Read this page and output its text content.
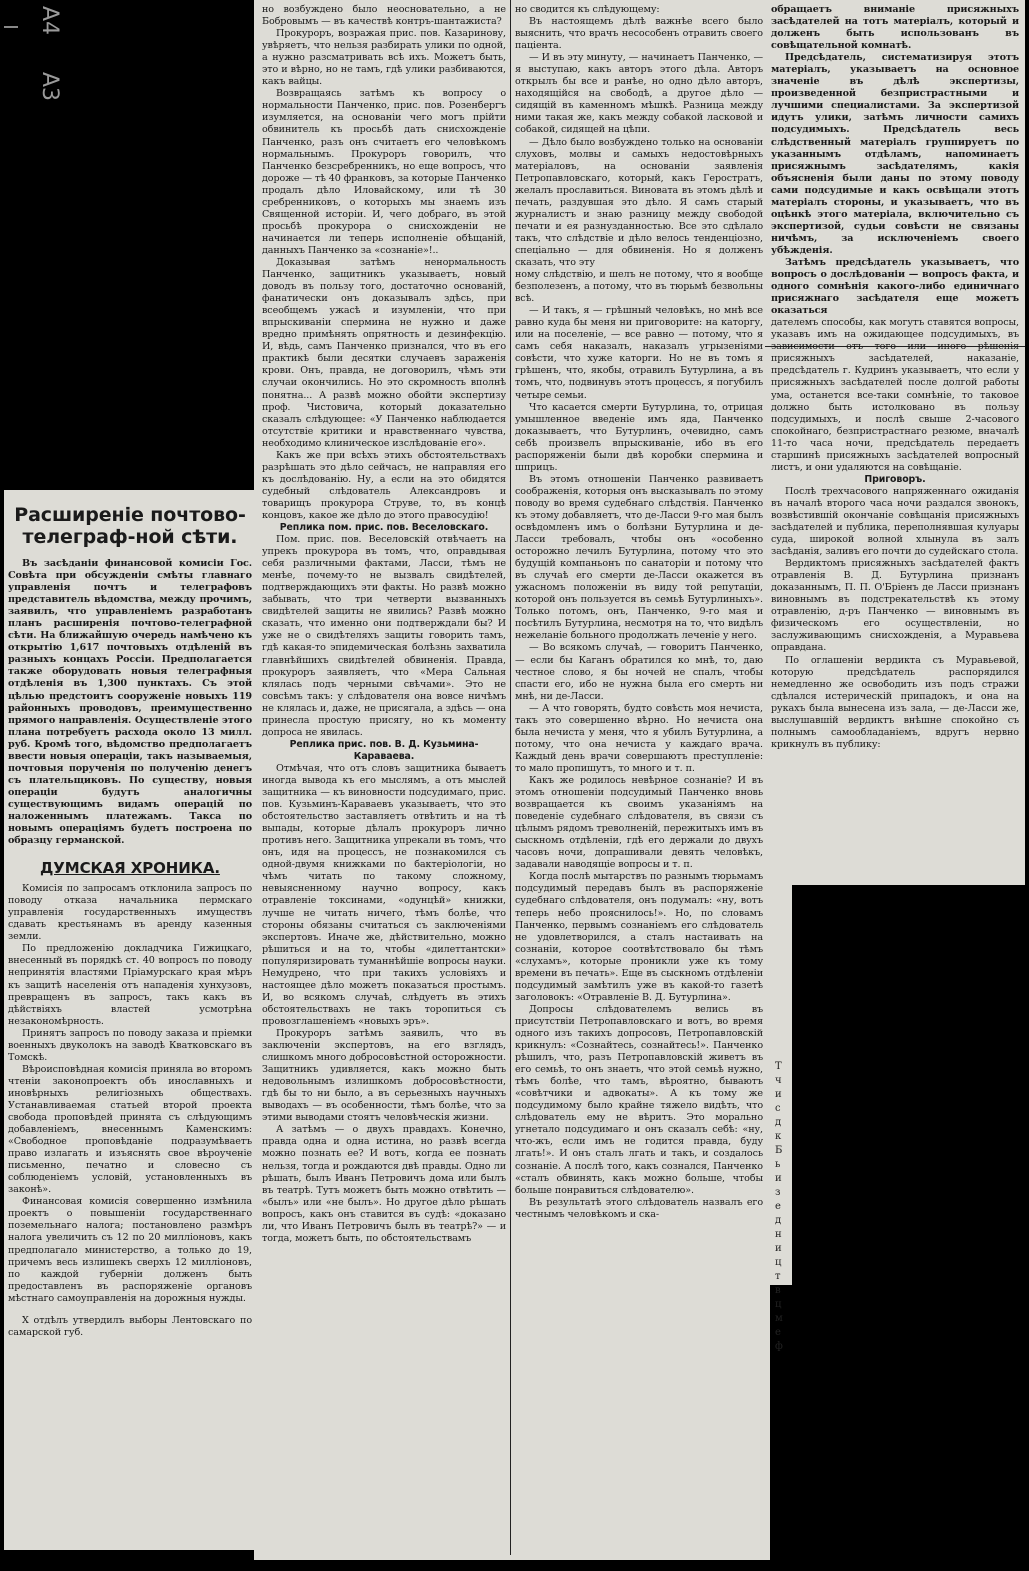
A4
A3
Расширеніе почтово-телеграф-ной сѣти.

Въ засѣданіи финансовой комисіи Гос. Совѣта при обсужденіи смѣты главнаго управленія почтъ и телеграфовъ представитель вѣдомства, между прочимъ, заявилъ, что управленіемъ разработанъ планъ расширенія почтово-телеграфной сѣти. На ближайшую очередь намѣчено къ открытію 1,617 почтовыхъ отдѣленій въ разныхъ концахъ Россіи. Предполагается также оборудовать новыя телеграфныя отдѣленія въ 1,300 пунктахъ. Съ этой цѣлью предстоитъ сооруженіе новыхъ 119 районныхъ проводовъ, преимущественно прямого направленія. Осуществленіе этого плана потребуетъ расхода около 13 милл. руб. Кромѣ того, вѣдомство предполагаетъ ввести новыя операціи, такъ называемыя, почтовыя порученія по полученію денегъ съ плательщиковъ. По существу, новыя операціи будутъ аналогичны существующимъ видамъ операцій по наложеннымъ платежамъ. Такса по новымъ операціямъ будетъ построена по образцу германской.

ДУМСКАЯ ХРОНИКА.

Комисія по запросамъ отклонила запросъ по поводу отказа начальника пермскаго управленія государственныхъ имуществъ сдавать крестьянамъ въ аренду казенныя земли.

По предложенію докладчика Гижицкаго, внесенный въ порядкѣ ст. 40 вопросъ по поводу непринятія властями Пріамурскаго края мѣръ къ защитѣ населенія отъ нападенія хунхузовъ, превращенъ въ запросъ, такъ какъ въ дѣйствіяхъ властей усмотрѣна незакономѣрность.

Принятъ запросъ по поводу заказа и пріемки военныхъ двуколокъ на заводѣ Кватковскаго въ Томскѣ.

Вѣроисповѣдная комисія приняла во второмъ чтеніи законопроектъ объ инославныхъ и иновѣрныхъ религіозныхъ обществахъ. Устанавливаемая статьей второй проекта свобода проповѣдей принята съ слѣдующимъ добавленіемъ, внесеннымъ Каменскимъ: «Свободное проповѣданіе подразумѣваетъ право излагать и изъяснять свое вѣроученіе письменно, печатно и словесно съ соблюденіемъ условій, установленныхъ въ законѣ».

Финансовая комисія совершенно измѣнила проектъ о повышеніи государственнаго поземельнаго налога; постановлено размѣръ налога увеличить съ 12 по 20 милліоновъ, какъ предполагало министерство, а только до 19, причемъ весь излишекъ сверхъ 12 милліоновъ, по каждой губерніи долженъ быть предоставленъ въ распоряженіе органовъ мѣстнаго самоуправленія на дорожныя нужды.

X отдѣлъ утвердилъ выборы Лентовскаго по самарской губ.

но возбуждено было неосновательно, а не Бобровымъ — въ качествѣ контръ-шантажиста?

Прокуроръ, возражая прис. пов. Казаринову, увѣряетъ, что нельзя разбирать улики по одной, а нужно разсматривать всѣ ихъ. Можетъ быть, это и вѣрно, но не тамъ, гдѣ улики разбиваются, какъ вайцы.

Возвращаясь затѣмъ къ вопросу о нормальности Панченко, прис. пов. Розенбергъ изумляется, на основаніи чего могъ прійти обвинитель къ просьбѣ дать снисхожденіе Панченко, разъ онъ считаетъ его человѣкомъ нормальнымъ. Прокуроръ говорилъ, что Панченко безсребренникъ, но еще вопросъ, что дороже — тѣ 40 франковъ, за которые Панченко продалъ дѣло Иловайскому, или тѣ 30 сребренниковъ, о которыхъ мы знаемъ изъ Священной исторіи. И, чего добраго, въ этой просьбѣ прокурора о снисхожденіи не начинается ли теперь исполненіе обѣщаній, данныхъ Панченко за «сознаніе»!..

Доказывая затѣмъ ненормальность Панченко, защитникъ указываетъ, новый доводъ въ пользу того, достаточно основаній, фанатически онъ доказывалъ здѣсь, при всеобщемъ ужасѣ и изумленіи, что при впрыскиваніи спермина не нужно и даже вредно примѣнять опрятность и дезинфекцію. И, вѣдь, самъ Панченко признался, что въ его практикѣ были десятки случаевъ зараженія крови. Онъ, правда, не договорилъ, чѣмъ эти случаи окончились. Но это скромность вполнѣ понятна... А развѣ можно обойти экспертизу проф. Чистовича, который доказательно сказалъ слѣдующее: «У Панченко наблюдается отсутствіе критики и нравственнаго чувства, необходимо клиническое изслѣдованіе его».

Какъ же при всѣхъ этихъ обстоятельствахъ разрѣшать это дѣло сейчасъ, не направляя его къ дослѣдованію. Ну, а если на это обидятся судебный слѣдователь Александровъ и товарищъ прокурора Струве, то, въ концѣ концовъ, какое же дѣло до этого правосудію!

Реплика пом. прис. пов. Веселовскаго.

Пом. прис. пов. Веселовскій отвѣчаетъ на упрекъ прокурора въ томъ, что, оправдывая себя различными фактами, Ласси, тѣмъ не менѣе, почему-то не вызвалъ свидѣтелей, подтверждающихъ эти факты. Но развѣ можно забывать, что три четверти вызванныхъ свидѣтелей защиты не явились? Развѣ можно сказать, что именно они подтверждали бы? И уже не о свидѣтеляхъ защиты говорить тамъ, гдѣ какая-то эпидемическая болѣзнь захватила главнѣйшихъ свидѣтелей обвиненія. Правда, прокуроръ заявляетъ, что «Мера Сальная клялась подъ черными свѣчами». Это не совсѣмъ такъ: у слѣдователя она вовсе ничѣмъ не клялась и, даже, не присягала, а здѣсь — она принесла простую присягу, но къ моменту допроса не явилась.

Реплика прис. пов. В. Д. Кузьмина-Караваева.

Отмѣчая, что отъ словъ защитника бываетъ иногда вывода къ его мыслямъ, а отъ мыслей защитника — къ виновности подсудимаго, прис. пов. Кузьминъ-Караваевъ указываетъ, что это обстоятельство заставляетъ отвѣтить и на тѣ выпады, которые дѣлалъ прокуроръ лично противъ него. Защитника упрекали въ томъ, что онъ, идя на процессъ, не познакомился съ одной-двумя книжками по бактеріологіи, но чѣмъ читать по такому сложному, невыясненному научно вопросу, какъ отравленіе токсинами, «одунцѣй» книжки, лучше не читать ничего, тѣмъ болѣе, что стороны обязаны считаться съ заключеніями экспертовъ. Иначе же, дѣйствительно, можно рѣшиться и на то, чтобы «дилеттантски» популяризировать туманнѣйшіе вопросы науки. Немудрено, что при такихъ условіяхъ и настоящее дѣло можетъ показаться простымъ. И, во всякомъ случаѣ, слѣдуетъ въ этихъ обстоятельствахъ не такъ торопиться съ провозглашеніемъ «новыхъ эръ».

Прокуроръ затѣмъ заявилъ, что въ заключеніи экспертовъ, на его взглядъ, слишкомъ много добросовѣстной осторожности. Защитникъ удивляется, какъ можно быть недовольнымъ излишкомъ добросовѣстности, гдѣ бы то ни было, а въ серьезныхъ научныхъ выводахъ — въ особенности, тѣмъ болѣе, что за этими выводами стоятъ человѣческія жизни.

А затѣмъ — о двухъ правдахъ. Конечно, правда одна и одна истина, но развѣ всегда можно познать ее? И вотъ, когда ее познать нельзя, тогда и рождаются двѣ правды. Одно ли рѣшать, былъ Иванъ Петровичъ дома или былъ въ театрѣ. Тутъ можетъ быть можно отвѣтить — «былъ» или «не былъ». Но другое дѣло рѣшать вопросъ, какъ онъ ставится въ судѣ: «доказано ли, что Иванъ Петровичъ былъ въ театрѣ?» — и тогда, можетъ быть, по обстоятельствамъ

но сводится къ слѣдующему:

Въ настоящемъ дѣлѣ важнѣе всего было выяснить, что врачъ несособенъ отравить своего паціента.

— И въ эту минуту, — начинаетъ Панченко, — я выступаю, какъ авторъ этого дѣла. Авторъ открылъ бы все и ранѣе, но одно дѣло авторъ, находящійся на свободѣ, а другое дѣло — сидящій въ каменномъ мѣшкѣ. Разница между ними такая же, какъ между собакой ласковой и собакой, сидящей на цѣпи.

— Дѣло было возбуждено только на основаніи слуховъ, молвы и самыхъ недостовѣрныхъ матеріаловъ, на основаніи заявленія Петропавловскаго, который, какъ Геростратъ, желалъ прославиться. Виновата въ этомъ дѣлѣ и печать, раздувшая это дѣло. Я самъ старый журналистъ и знаю разницу между свободой печати и ея разнузданностью. Все это сдѣлало такъ, что слѣдствіе и дѣло велось тенденціозно, спеціально — для обвиненія. Но я долженъ сказать, что эту

ному слѣдствію, и шелъ не потому, что я вообще безполезенъ, а потому, что въ тюрьмѣ безвольны всѣ.

— И такъ, я — грѣшный человѣкъ, но мнѣ все равно куда бы меня ни приговорите: на каторгу, или на поселеніе, — все равно — потому, что я самъ себя наказалъ, наказалъ угрызеніями совѣсти, что хуже каторги. Но не въ томъ я грѣшенъ, что, якобы, отравилъ Бутурлина, а въ томъ, что, подвинувъ этотъ процессъ, я погубилъ четыре семьи.

Что касается смерти Бутурлина, то, отрицая умышленное введеніе имъ яда, Панченко доказываетъ, что Бутурлинъ, очевидно, самъ себѣ произвелъ впрыскиваніе, ибо въ его распоряженіи были двѣ коробки спермина и шприцъ.

Въ этомъ отношеніи Панченко развиваетъ соображенія, которыя онъ высказывалъ по этому поводу во время судебнаго слѣдствія. Панченко къ этому добавляетъ, что де-Ласси 9-го мая былъ освѣдомленъ имъ о болѣзни Бутурлина и де-Ласси требовалъ, чтобы онъ «особенно осторожно лечилъ Бутурлина, потому что это будущій компаньонъ по санаторіи и потому что въ случаѣ его смерти де-Ласси окажется въ ужасномъ положеніи въ виду той репутаціи, которой онъ пользуется въ семьѣ Бутурлиныхъ». Только потомъ, онъ, Панченко, 9-го мая и посѣтилъ Бутурлина, несмотря на то, что видѣлъ нежеланіе больного продолжать леченіе у него.

— Во всякомъ случаѣ, — говоритъ Панченко, — если бы Каганъ обратился ко мнѣ, то, даю честное слово, я бы ночей не спалъ, чтобы спасти его, ибо не нужна была его смерть ни мнѣ, ни де-Ласси.

— А что говорять, будто совѣсть моя нечиста, такъ это совершенно вѣрно. Но нечиста она была нечиста у меня, что я убилъ Бутурлина, а потому, что она нечиста у каждаго врача. Каждый день врачи совершаютъ преступленіе: то мало пропишутъ, то много и т. п.

Какъ же родилось невѣрное сознаніе? И въ этомъ отношеніи подсудимый Панченко вновь возвращается къ своимъ указаніямъ на поведеніе судебнаго слѣдователя, въ связи съ цѣлымъ рядомъ треволненій, пережитыхъ имъ въ сыскномъ отдѣленіи, гдѣ его держали до двухъ часовъ ночи, допрашивали девять человѣкъ, задавали наводящіе вопросы и т. п.

Когда послѣ мытарствъ по разнымъ тюрьмамъ подсудимый передавъ былъ въ распоряженіе судебнаго слѣдователя, онъ подумалъ: «ну, вотъ теперь небо прояснилось!». Но, по словамъ Панченко, первымъ сознаніемъ его слѣдователь не удовлетворился, а сталъ настаивать на сознаніи, которое соотвѣтствовало бы тѣмъ «слухамъ», которые проникли уже къ тому времени въ печать». Еще въ сыскномъ отдѣленіи подсудимый замѣтилъ уже въ какой-то газетѣ заголовокъ: «Отравленіе В. Д. Бутурлина».

Допросы слѣдователемъ велись въ присутствіи Петропавловскаго и вотъ, во время одного изъ такихъ допросовъ, Петропавловскій крикнулъ: «Сознайтесь, сознайтесь!». Панченко рѣшилъ, что, разъ Петропавловскій живетъ въ его семьѣ, то онъ знаетъ, что этой семьѣ нужно, тѣмъ болѣе, что тамъ, вѣроятно, бываютъ «совѣтчики и адвокаты». А къ тому же подсудимому было крайне тяжело видѣть, что слѣдователь ему не вѣритъ. Это морально угнетало подсудимаго и онъ сказалъ себѣ: «ну, что-жъ, если имъ не годится правда, буду лгать!». И онъ сталъ лгать и такъ, и создалось сознаніе. А послѣ того, какъ сознался, Панченко «сталъ обвинять, какъ можно больше, чтобы больше понравиться слѣдователю».

Въ результатѣ этого слѣдователь назвалъ его честнымъ человѣкомъ и ска-

обращаетъ вниманіе присяжныхъ засѣдателей на тотъ матеріалъ, который и долженъ быть использованъ въ совѣщательной комнатѣ.

Предсѣдатель, систематизируя этотъ матеріалъ, указываетъ на основное значеніе въ дѣлѣ экспертизы, произведенной безпристрастными и лучшими специалистами. За экспертизой идутъ улики, затѣмъ личности самихъ подсудимыхъ. Предсѣдатель весь слѣдственный матеріалъ группируетъ по указаннымъ отдѣламъ, напоминаетъ присяжнымъ засѣдателямъ, какія объясненія были даны по этому поводу сами подсудимые и какъ освѣщали этотъ матеріалъ стороны, и указываетъ, что въ оцѣнкѣ этого матеріала, включительно съ экспертизой, судьи совѣсти не связаны ничѣмъ, за исключеніемъ своего убѣжденія.

Затѣмъ предсѣдатель указываетъ, что вопросъ о дослѣдованіи — вопросъ факта, и одного сомнѣнія какого-либо единичнаго присяжнаго засѣдателя еще можетъ оказаться

дателемъ способы, как могутъ ставятся вопросы, указавъ имъ на ожидающее подсудимыхъ, въ зависимости отъ того или иного рѣшенія присяжныхъ засѣдателей, наказаніе, предсѣдатель г. Кудринъ указываетъ, что если у присяжныхъ засѣдателей после долгой работы ума, останется все-таки сомнѣніе, то таковое должно быть истолковано въ пользу подсудимыхъ, и послѣ свыше 2-часового спокойнаго, безпристрастнаго резюме, вначалѣ 11-то часа ночи, предсѣдатель передаетъ старшинѣ присяжныхъ засѣдателей вопросный листъ, и они удаляются на совѣщаніе.

Приговоръ.

Послѣ трехчасового напряженнаго ожиданія въ началѣ второго часа ночи раздался звонокъ, возвѣстившій окончаніе совѣщанія присяжныхъ засѣдателей и публика, переполнявшая кулуары суда, широкой волной хлынула въ залъ засѣданія, заливъ его почти до судейскаго стола.

Вердиктомъ присяжныхъ засѣдателей фактъ отравленія В. Д. Бутурлина признанъ доказаннымъ, П. П. О'Бріенъ де Ласси признанъ виновнымъ въ подстрекательствѣ къ этому отравленію, д-ръ Панченко — виновнымъ въ физическомъ его осуществленіи, но заслуживающимъ снисхожденія, а Муравьева оправдана.

По оглашеніи вердикта съ Муравьевой, которую предсѣдатель распорядился немедленно же освободить изъ подъ стражи сдѣлался истерическій припадокъ, и она на рукахъ была вынесена изъ зала, — де-Ласси же, выслушавшій вердиктъ внѣшне спокойно съ полнымъ самообладаніемъ, вдругъ нервно крикнулъ въ публику:

Т ч и с д к Б ь и з е д н и ц т в ц м е ф
